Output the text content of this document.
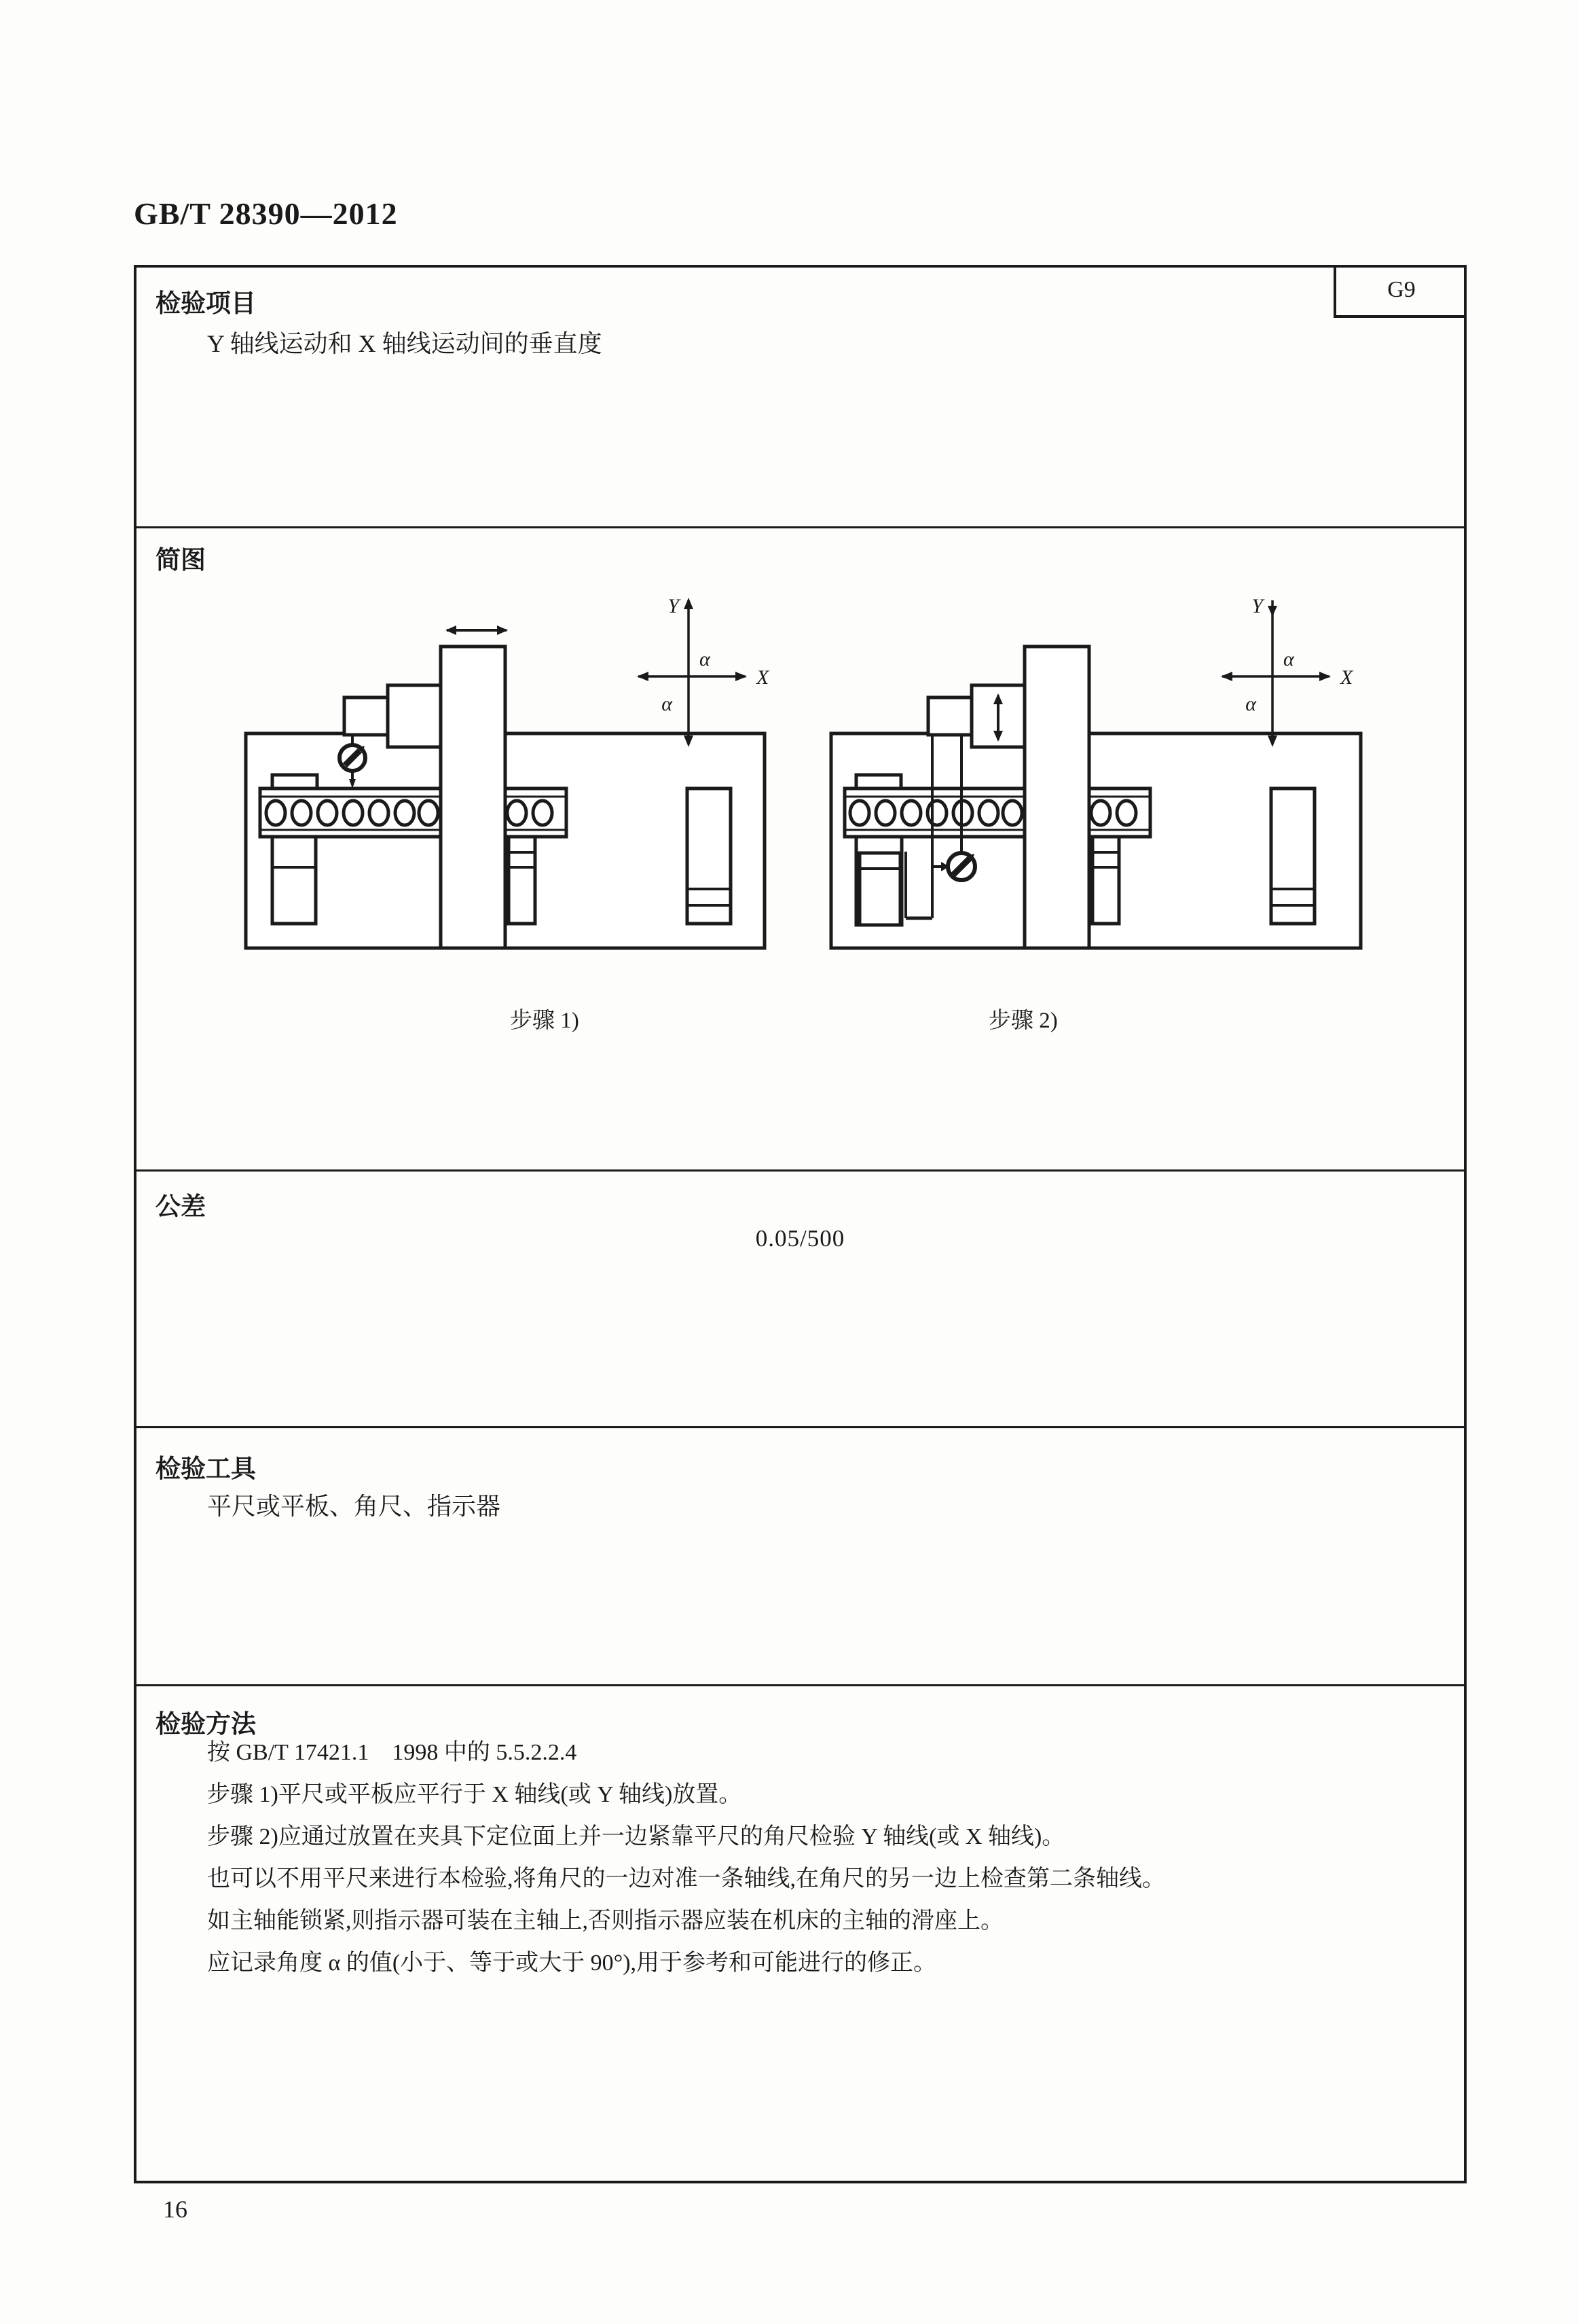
GB/T 28390—2012
G9
检验项目
Y 轴线运动和 X 轴线运动间的垂直度
简图
Y
X
α
α
Y
X
α
α
步骤 1)	步骤 2)
公差
0.05/500
检验工具
平尺或平板、角尺、指示器
检验方法
按 GB/T 17421.1　1998 中的 5.5.2.2.4
步骤 1)平尺或平板应平行于 X 轴线(或 Y 轴线)放置。
步骤 2)应通过放置在夹具下定位面上并一边紧靠平尺的角尺检验 Y 轴线(或 X 轴线)。
也可以不用平尺来进行本检验,将角尺的一边对准一条轴线,在角尺的另一边上检查第二条轴线。
如主轴能锁紧,则指示器可装在主轴上,否则指示器应装在机床的主轴的滑座上。
应记录角度 α 的值(小于、等于或大于 90°),用于参考和可能进行的修正。
16
